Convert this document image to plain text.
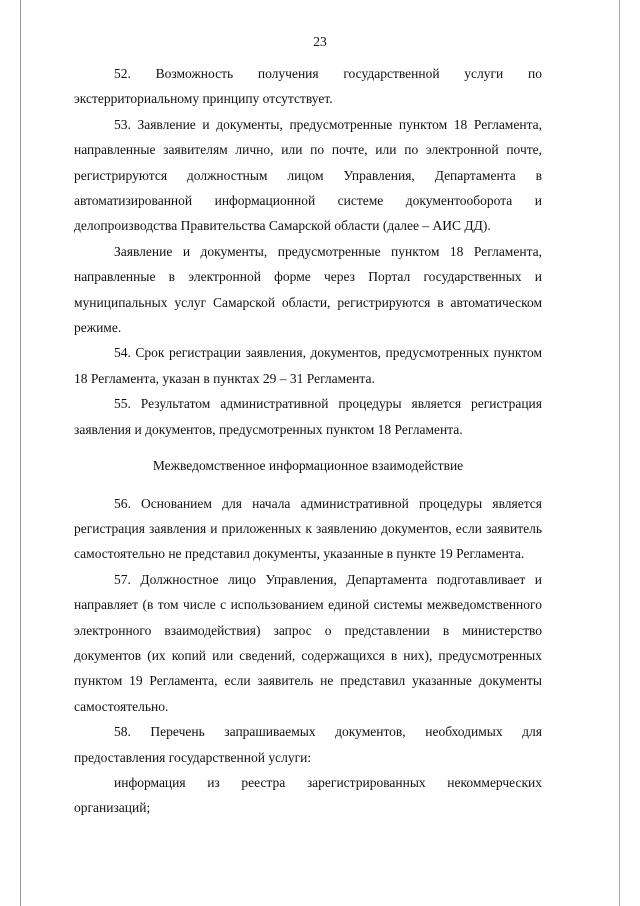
23

52. Возможность получения государственной услуги по экстерриториальному принципу отсутствует.

53. Заявление и документы, предусмотренные пунктом 18 Регламента, направленные заявителям лично, или по почте, или по электронной почте, регистрируются должностным лицом Управления, Департамента в автоматизированной информационной системе документооборота и делопроизводства Правительства Самарской области (далее – АИС ДД).

Заявление и документы, предусмотренные пунктом 18 Регламента, направленные в электронной форме через Портал государственных и муниципальных услуг Самарской области, регистрируются в автоматическом режиме.

54. Срок регистрации заявления, документов, предусмотренных пунктом 18 Регламента, указан в пунктах 29 – 31 Регламента.

55. Результатом административной процедуры является регистрация заявления и документов, предусмотренных пунктом 18 Регламента.

Межведомственное информационное взаимодействие

56. Основанием для начала административной процедуры является регистрация заявления и приложенных к заявлению документов, если заявитель самостоятельно не представил документы, указанные в пункте 19 Регламента.

57. Должностное лицо Управления, Департамента подготавливает и направляет (в том числе с использованием единой системы межведомственного электронного взаимодействия) запрос о представлении в министерство документов (их копий или сведений, содержащихся в них), предусмотренных пунктом 19 Регламента, если заявитель не представил указанные документы самостоятельно.

58. Перечень запрашиваемых документов, необходимых для предоставления государственной услуги:

информация из реестра зарегистрированных некоммерческих организаций;
